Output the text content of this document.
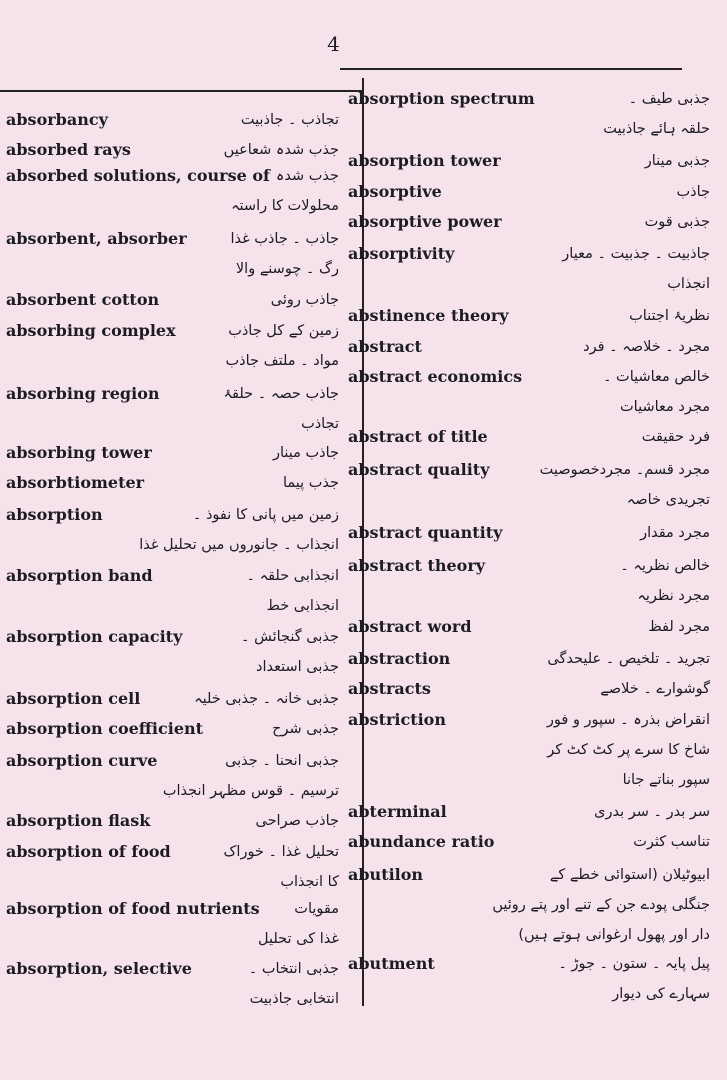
4
absorbancy	تجاذب ۔ جاذبیت
absorbed rays	جذب شدہ شعاعیں
absorbed solutions, course of جذب شدہ
محلولات کا راستہ
absorbent, absorber	جاذب ۔ جاذب غذا
رگ ۔ چوسنے والا
absorbent cotton	جاذب روئی
absorbing complex	زمین کے کل جاذب
مواد ۔ ملتف جاذب
absorbing region	جاذب حصہ ۔ حلقۂ
تجاذب
absorbing tower	جاذب مینار
absorbtiometer	جذب پیما
absorption	زمین میں پانی کا نفوذ ۔
انجذاب ۔ جانوروں میں تحلیل غذا
absorption band	انجذابی حلقہ ۔
انجذابی خط
absorption capacity	جذبی گنجائش ۔
جذبی استعداد
absorption cell	جذبی خانہ ۔ جذبی خلیہ
absorption coefficient	جذبی شرح
absorption curve	جذبی انحنا ۔ جذبی
ترسیم ۔ قوس مظہر انجذاب
absorption flask	جاذب صراحی
absorption of food	تحلیل غذا ۔ خوراک
کا انجذاب
absorption of food nutrients مقویات
غذا کی تحلیل
absorption, selective	جذبی انتخاب ۔
انتخابی جاذبیت
absorption spectrum	جذبی طیف ۔
حلقہ ہائے جاذبیت
absorption tower	جذبی مینار
absorptive	جاذب
absorptive power	جذبی قوت
absorptivity	جاذبیت ۔ جذبیت ۔ معیار
انجذاب
abstinence theory	نظریۂ اجتناب
abstract	مجرد ۔ خلاصہ ۔ فرد
abstract economics	خالص معاشیات ۔
مجرد معاشیات
abstract of title	فرد حقیقت
abstract quality	مجرد قسم۔ مجردخصوصیت
تجریدی خاصہ
abstract quantity	مجرد مقدار
abstract theory	خالص نظریہ ۔
مجرد نظریہ
abstract word	مجرد لفظ
abstraction	تجرید ۔ تلخیص ۔ علیحدگی
abstracts	گوشوارے ۔ خلاصے
abstriction	انقراض بذرہ ۔ سپور و فور
شاخ کا سرے پر کٹ کٹ کر
سپور بناتے جانا
abterminal	سر بدر ۔ سر بدری
abundance ratio	تناسب کثرت
abutilon	ابیوٹیلان (استوائی خطے کے
جنگلی پودے جن کے تنے اور پتے روئیں
دار اور پھول ارغوانی ہوتے ہیں)
abutment	پیل پایہ ۔ ستون ۔ جوڑ ۔
سہارے کی دیوار
